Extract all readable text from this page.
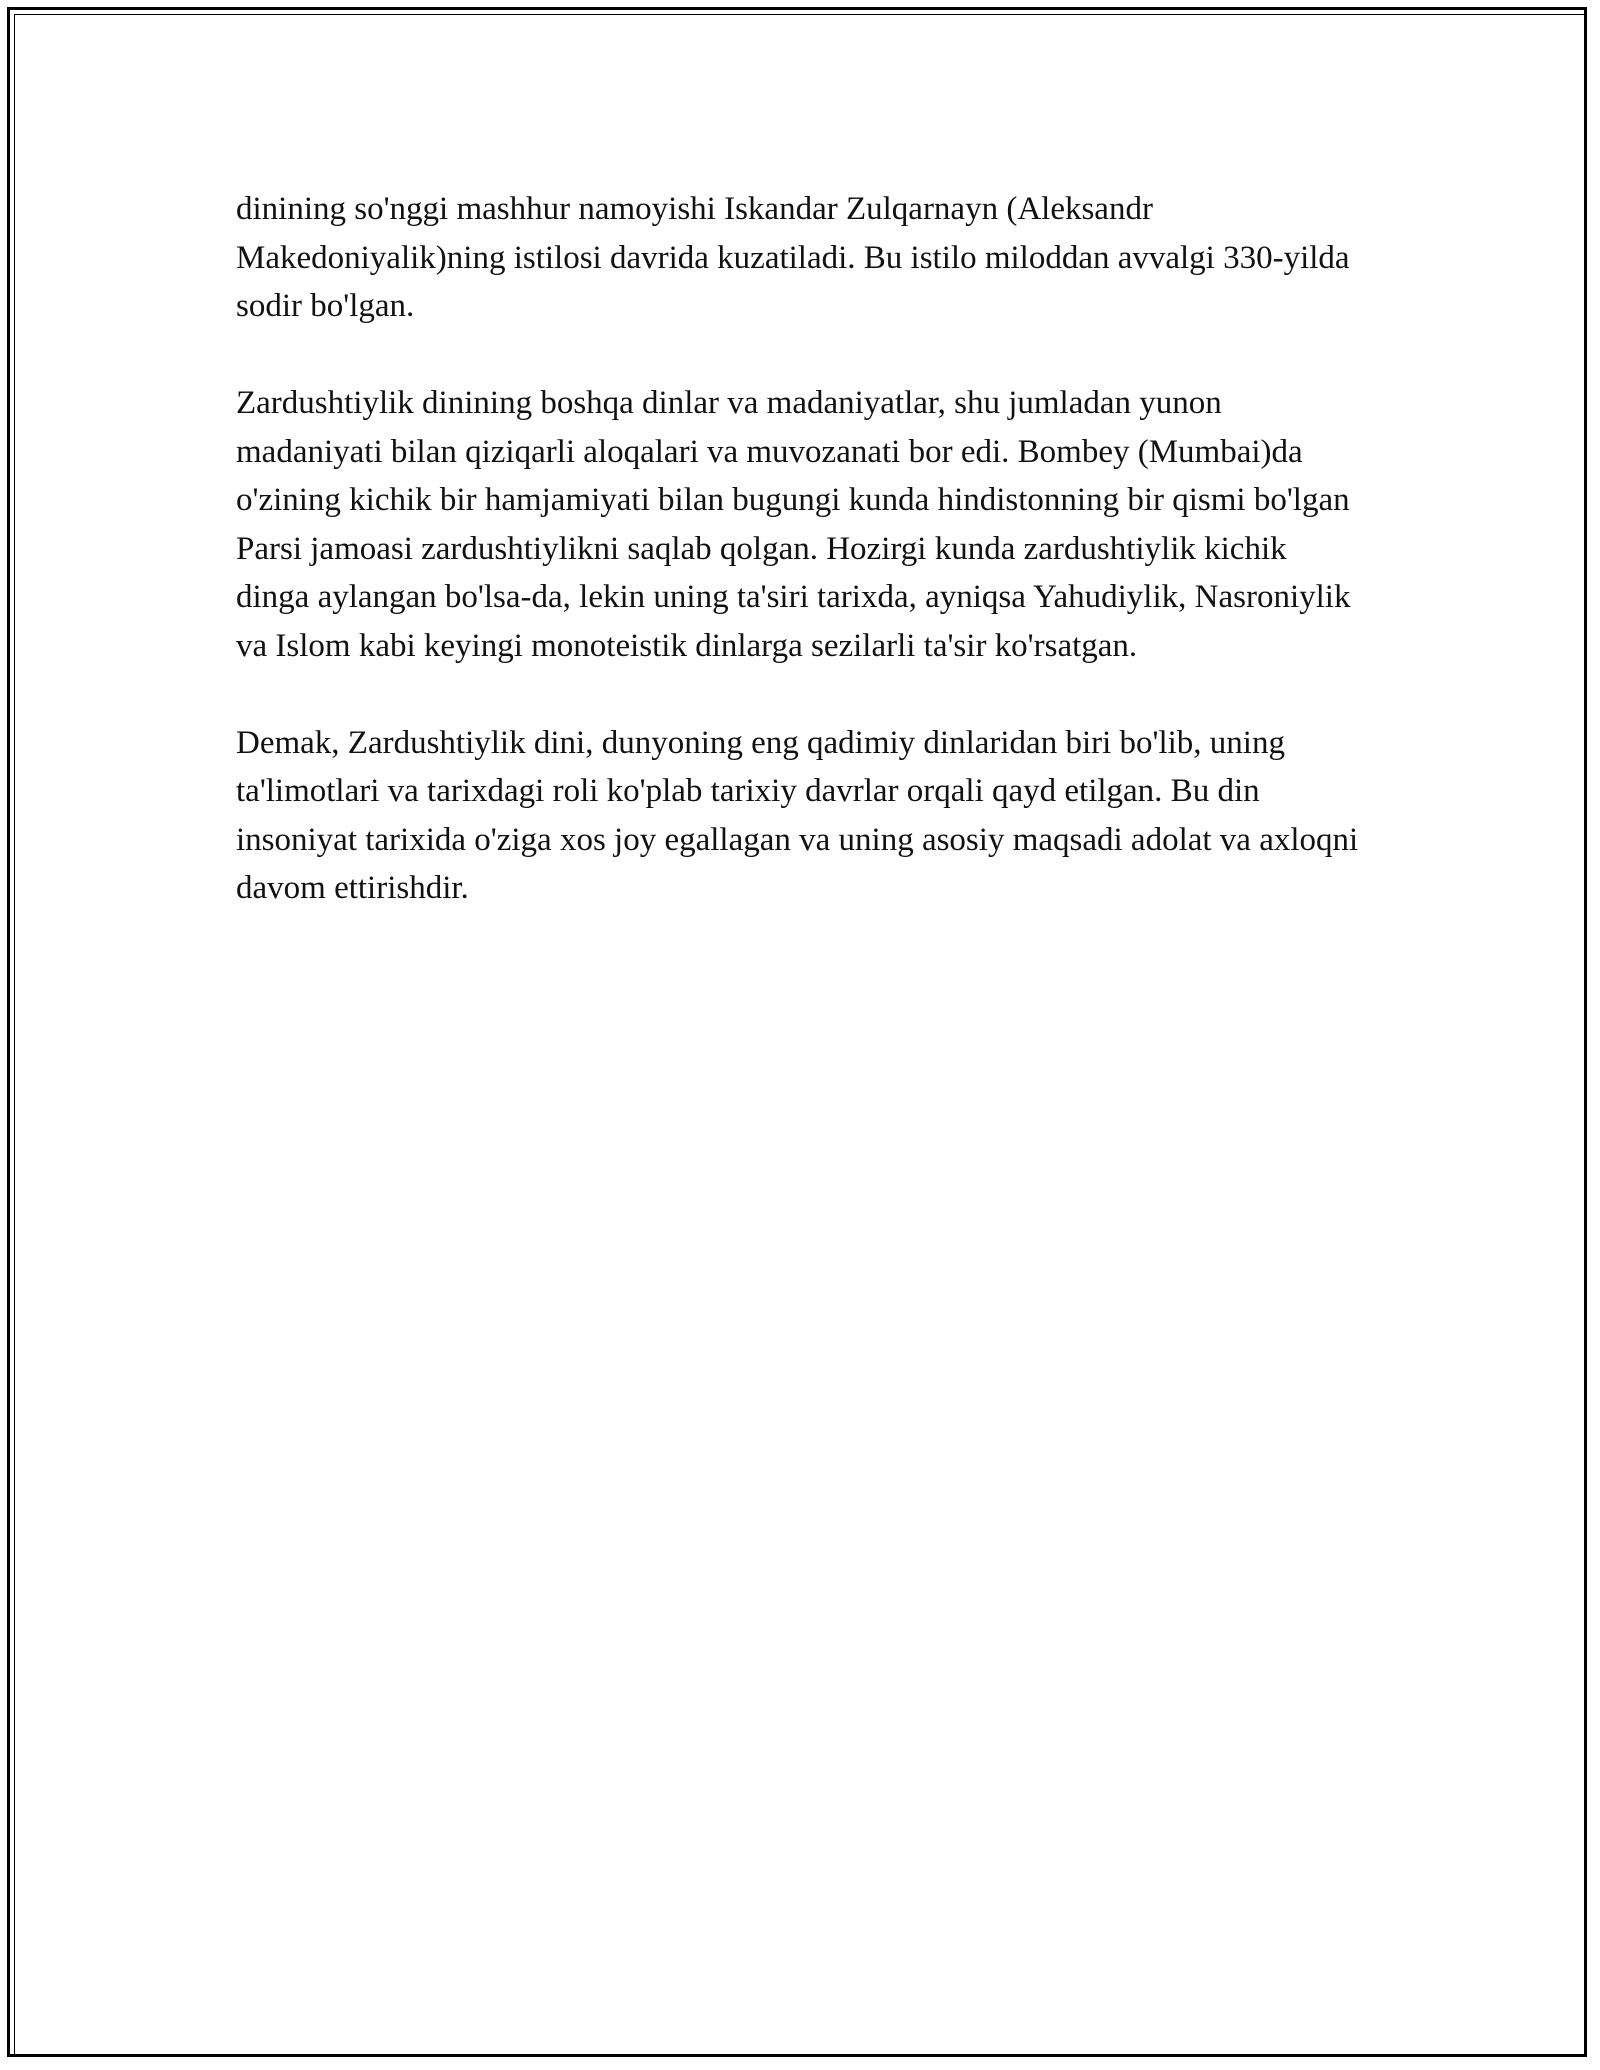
dinining so'nggi mashhur namoyishi Iskandar Zulqarnayn (Aleksandr Makedoniyalik)ning istilosi davrida kuzatiladi. Bu istilo miloddan avvalgi 330-yilda sodir bo'lgan.

Zardushtiylik dinining boshqa dinlar va madaniyatlar, shu jumladan yunon madaniyati bilan qiziqarli aloqalari va muvozanati bor edi. Bombey (Mumbai)da o'zining kichik bir hamjamiyati bilan bugungi kunda hindistonning bir qismi bo'lgan Parsi jamoasi zardushtiylikni saqlab qolgan. Hozirgi kunda zardushtiylik kichik dinga aylangan bo'lsa-da, lekin uning ta'siri tarixda, ayniqsa Yahudiylik, Nasroniylik va Islom kabi keyingi monoteistik dinlarga sezilarli ta'sir ko'rsatgan.

Demak, Zardushtiylik dini, dunyoning eng qadimiy dinlaridan biri bo'lib, uning ta'limotlari va tarixdagi roli ko'plab tarixiy davrlar orqali qayd etilgan. Bu din insoniyat tarixida o'ziga xos joy egallagan va uning asosiy maqsadi adolat va axloqni davom ettirishdir.
